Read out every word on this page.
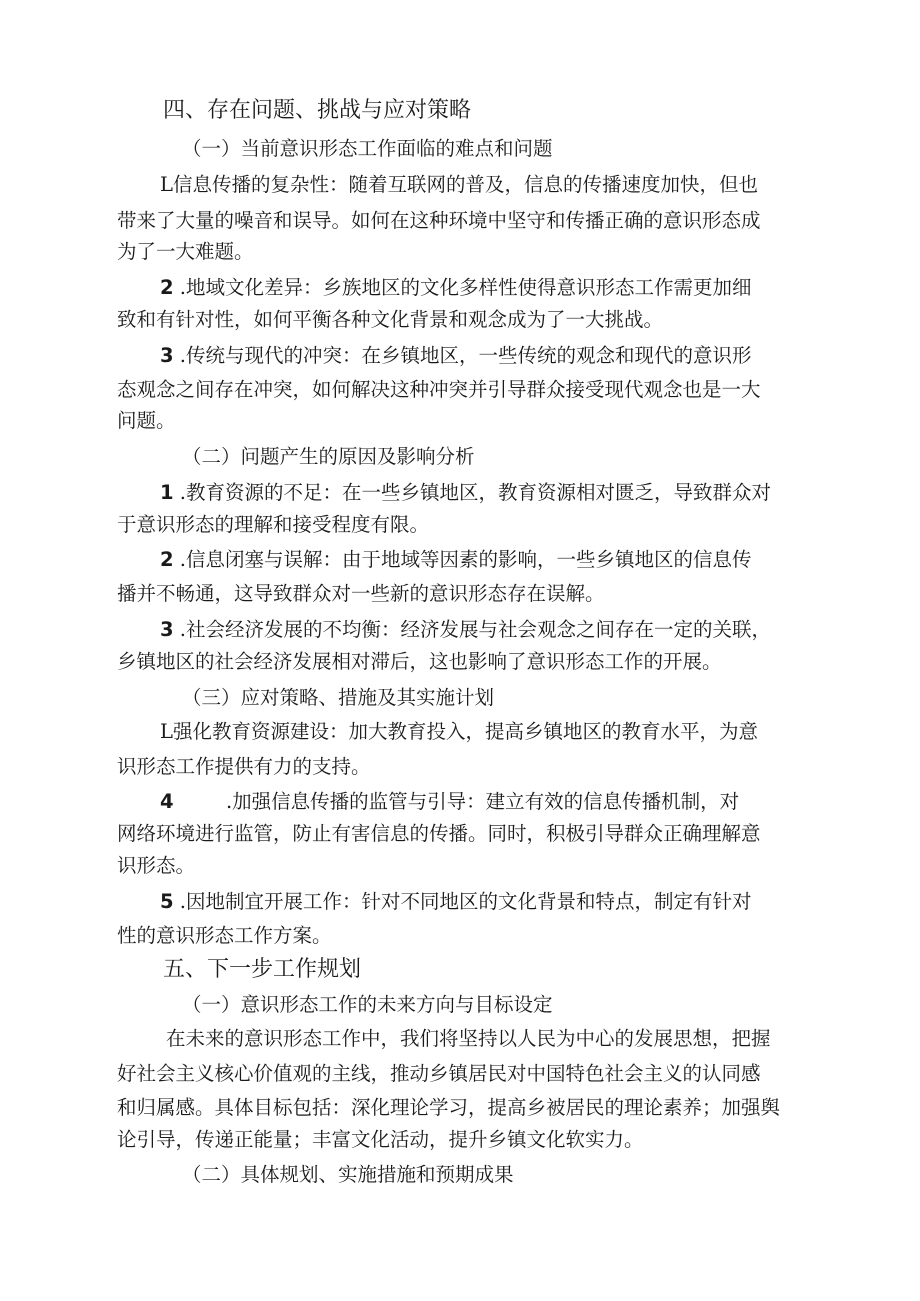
四、存在问题、挑战与应对策略
（一）当前意识形态工作面临的难点和问题
L信息传播的复杂性：随着互联网的普及，信息的传播速度加快，但也
带来了大量的噪音和误导。如何在这种环境中坚守和传播正确的意识形态成
为了一大难题。
2 .地域文化差异：乡族地区的文化多样性使得意识形态工作需更加细
致和有针对性，如何平衡各种文化背景和观念成为了一大挑战。
3 .传统与现代的冲突：在乡镇地区，一些传统的观念和现代的意识形
态观念之间存在冲突，如何解决这种冲突并引导群众接受现代观念也是一大
问题。
（二）问题产生的原因及影响分析
1 .教育资源的不足：在一些乡镇地区，教育资源相对匮乏，导致群众对
于意识形态的理解和接受程度有限。
2 .信息闭塞与误解：由于地域等因素的影响，一些乡镇地区的信息传
播并不畅通，这导致群众对一些新的意识形态存在误解。
3 .社会经济发展的不均衡：经济发展与社会观念之间存在一定的关联，
乡镇地区的社会经济发展相对滞后，这也影响了意识形态工作的开展。
（三）应对策略、措施及其实施计划
L强化教育资源建设：加大教育投入，提高乡镇地区的教育水平，为意
识形态工作提供有力的支持。
4	.加强信息传播的监管与引导：建立有效的信息传播机制，对
网络环境进行监管，防止有害信息的传播。同时，积极引导群众正确理解意
识形态。
5 .因地制宜开展工作：针对不同地区的文化背景和特点，制定有针对
性的意识形态工作方案。
五、下一步工作规划
（一）意识形态工作的未来方向与目标设定
在未来的意识形态工作中，我们将坚持以人民为中心的发展思想，把握
好社会主义核心价值观的主线，推动乡镇居民对中国特色社会主义的认同感
和归属感。具体目标包括：深化理论学习，提高乡被居民的理论素养；加强舆
论引导，传递正能量；丰富文化活动，提升乡镇文化软实力。
（二）具体规划、实施措施和预期成果
